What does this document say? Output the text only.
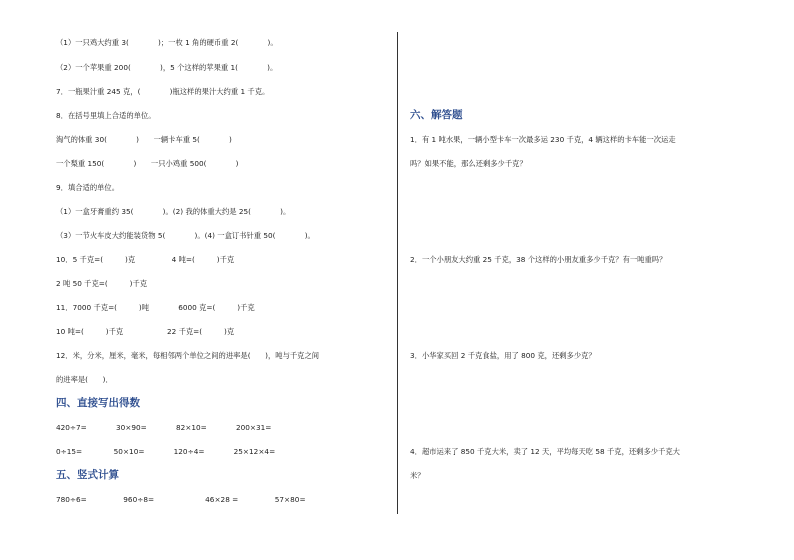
（1）一只鸡大约重 3(　　　　)；一枚 1 角的硬币重 2(　　　　)。
（2）一个苹果重 200(　　　　)，5 个这样的苹果重 1(　　　　)。
7．一瓶果汁重 245 克，(　　　　)瓶这样的果汁大约重 1 千克。
8．在括号里填上合适的单位。
淘气的体重 30(　　　　)　　一辆卡车重 5(　　　　)
一个梨重 150(　　　　)　　一只小鸡重 500(　　　　)
9．填合适的单位。
（1）一盒牙膏重约 35(　　　　)。(2) 我的体重大约是 25(　　　　)。
（3）一节火车皮大约能装货物 5(　　　　)。(4) 一盒订书针重 50(　　　　)。
10．5 千克=(　　　)克　　　　　4 吨=(　　　)千克
2 吨 50 千克=(　　　)千克
11．7000 千克=(　　　)吨　　　　6000 克=(　　　)千克
10 吨=(　　　)千克　　　　　　22 千克=(　　　)克
12．米，分米，厘米，毫米，每相邻两个单位之间的进率是(　　)，吨与千克之间
的进率是(　　)．
四、直接写出得数
420÷7=　　　　30×90=　　　　82×10=　　　　200×31=
0÷15=　　　　 50×10=　　　　120÷4=　　　　25×12×4=
五、竖式计算
780÷6=　　　　　960÷8=　　　　　　　46×28 =　　　　　57×80=
六、解答题
1．有 1 吨水果，一辆小型卡车一次最多运 230 千克，4 辆这样的卡车能一次运走
吗？如果不能，那么还剩多少千克？
2．一个小朋友大约重 25 千克，38 个这样的小朋友重多少千克？有一吨重吗？
3．小华家买回 2 千克食盐，用了 800 克，还剩多少克？
4．超市运来了 850 千克大米，卖了 12 天，平均每天吃 58 千克，还剩多少千克大
米？
